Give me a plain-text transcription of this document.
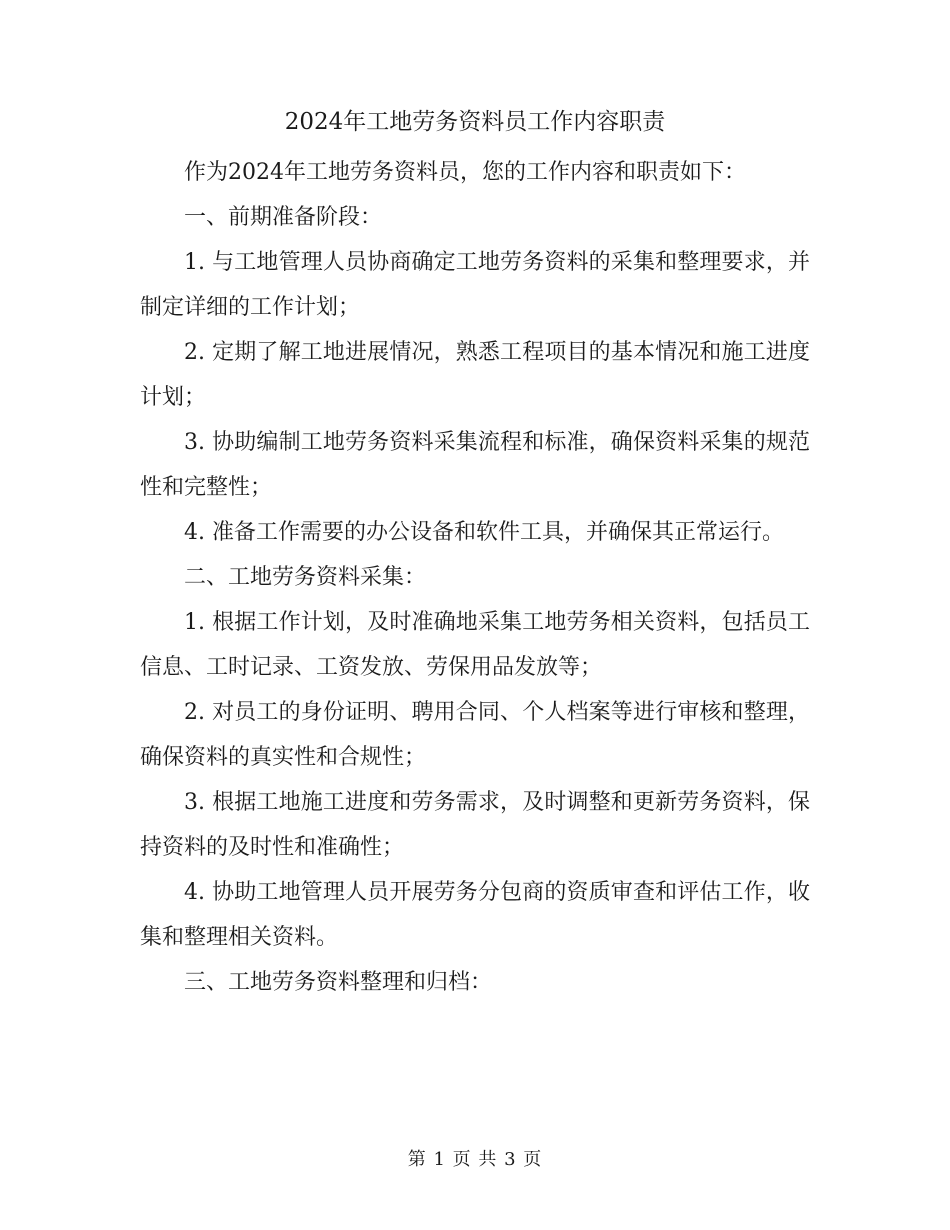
2024年工地劳务资料员工作内容职责

作为2024年工地劳务资料员，您的工作内容和职责如下：

一、前期准备阶段：

1. 与工地管理人员协商确定工地劳务资料的采集和整理要求，并制定详细的工作计划；

2. 定期了解工地进展情况，熟悉工程项目的基本情况和施工进度计划；

3. 协助编制工地劳务资料采集流程和标准，确保资料采集的规范性和完整性；

4. 准备工作需要的办公设备和软件工具，并确保其正常运行。

二、工地劳务资料采集：

1. 根据工作计划，及时准确地采集工地劳务相关资料，包括员工信息、工时记录、工资发放、劳保用品发放等；

2. 对员工的身份证明、聘用合同、个人档案等进行审核和整理，确保资料的真实性和合规性；

3. 根据工地施工进度和劳务需求，及时调整和更新劳务资料，保持资料的及时性和准确性；

4. 协助工地管理人员开展劳务分包商的资质审查和评估工作，收集和整理相关资料。

三、工地劳务资料整理和归档：

第 1 页 共 3 页
